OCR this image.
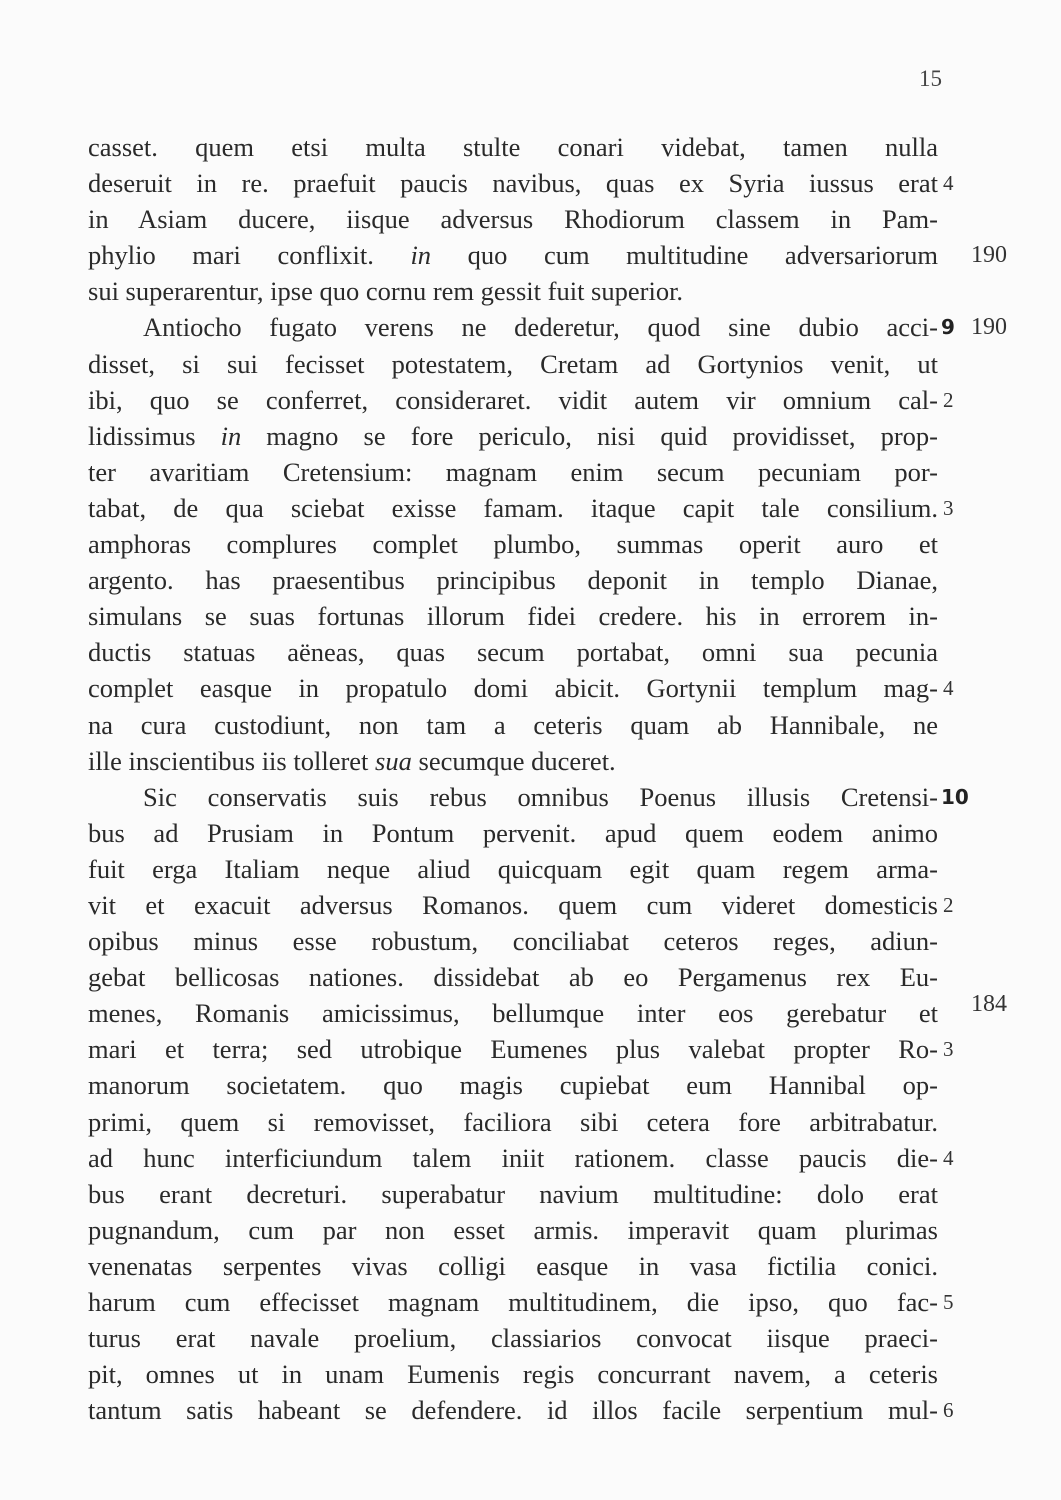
15
casset. quem etsi multa stulte conari videbat, tamen nulla
deseruit in re. praefuit paucis navibus, quas ex Syria iussus erat
in Asiam ducere, iisque adversus Rhodiorum classem in Pam-
phylio mari conflixit. in quo cum multitudine adversariorum
sui superarentur, ipse quo cornu rem gessit fuit superior.
Antiocho fugato verens ne dederetur, quod sine dubio acci-
disset, si sui fecisset potestatem, Cretam ad Gortynios venit, ut
ibi, quo se conferret, consideraret. vidit autem vir omnium cal-
lidissimus in magno se fore periculo, nisi quid providisset, prop-
ter avaritiam Cretensium: magnam enim secum pecuniam por-
tabat, de qua sciebat exisse famam. itaque capit tale consilium.
amphoras complures complet plumbo, summas operit auro et
argento. has praesentibus principibus deponit in templo Dianae,
simulans se suas fortunas illorum fidei credere. his in errorem in-
ductis statuas aëneas, quas secum portabat, omni sua pecunia
complet easque in propatulo domi abicit. Gortynii templum mag-
na cura custodiunt, non tam a ceteris quam ab Hannibale, ne
ille inscientibus iis tolleret sua secumque duceret.
Sic conservatis suis rebus omnibus Poenus illusis Cretensi-
bus ad Prusiam in Pontum pervenit. apud quem eodem animo
fuit erga Italiam neque aliud quicquam egit quam regem arma-
vit et exacuit adversus Romanos. quem cum videret domesticis
opibus minus esse robustum, conciliabat ceteros reges, adiun-
gebat bellicosas nationes. dissidebat ab eo Pergamenus rex Eu-
menes, Romanis amicissimus, bellumque inter eos gerebatur et
mari et terra; sed utrobique Eumenes plus valebat propter Ro-
manorum societatem. quo magis cupiebat eum Hannibal op-
primi, quem si removisset, faciliora sibi cetera fore arbitrabatur.
ad hunc interficiundum talem iniit rationem. classe paucis die-
bus erant decreturi. superabatur navium multitudine: dolo erat
pugnandum, cum par non esset armis. imperavit quam plurimas
venenatas serpentes vivas colligi easque in vasa fictilia conici.
harum cum effecisset magnam multitudinem, die ipso, quo fac-
turus erat navale proelium, classiarios convocat iisque praeci-
pit, omnes ut in unam Eumenis regis concurrant navem, a ceteris
tantum satis habeant se defendere. id illos facile serpentium mul-
4
190
9 190
2
3
4
10
2
184
3
4
5
6
